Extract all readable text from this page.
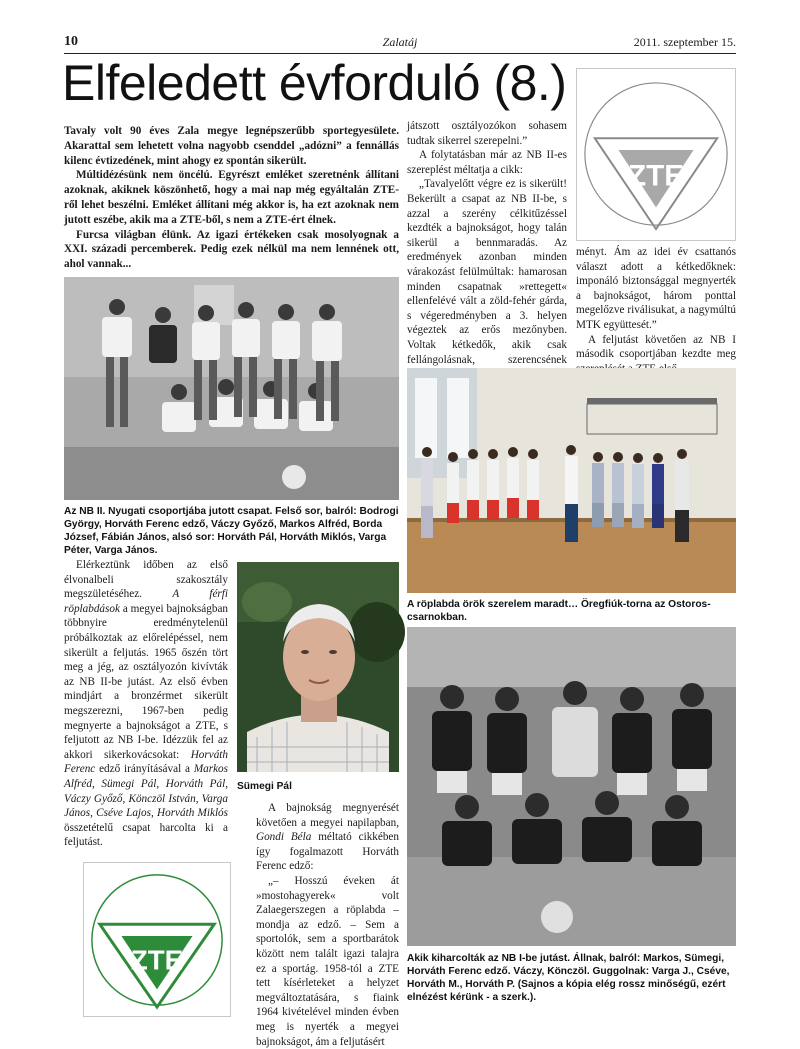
10	Zalatáj	2011. szeptember 15.
Elfeledett évforduló (8.)

Tavaly volt 90 éves Zala megye legnépszerűbb sportegyesülete. Akarattal sem lehetett volna nagyobb csenddel „adózni” a fennállás kilenc évtizedének, mint ahogy ez spontán sikerült.

Múltidézésünk nem öncélú. Egyrészt emléket szeretnénk állítani azoknak, akiknek köszönhető, hogy a mai nap még egyáltalán ZTE-ről lehet beszélni. Emléket állítani még akkor is, ha ezt azoknak nem jutott eszébe, akik ma a ZTE-ből, s nem a ZTE-ért élnek.

Furcsa világban élünk. Az igazi értékeken csak mosolyognak a XXI. századi percemberek. Pedig ezek nélkül ma nem lennének ott, ahol vannak...

játszott osztályozókon sohasem tudtak sikerrel szerepelni.”

A folytatásban már az NB II-es szereplést méltatja a cikk:

„Tavalyelőtt végre ez is sikerült! Bekerült a csapat az NB II-be, s azzal a szerény célkitűzéssel kezdték a bajnokságot, hogy talán sikerül a bennmaradás. Az eredmények azonban minden várakozást felülmúltak: hamarosan minden csapatnak »rettegett« ellenfelévé vált a zöld-fehér gárda, s végeredményben a 3. helyen végeztek az erős mezőnyben. Voltak kétkedők, akik csak fellángolásnak, szerencsének

ZTE

ményt. Ám az idei év csattanós választ adott a kétkedőknek: imponáló biztonsággal megnyerték a bajnokságot, három ponttal megelőzve riválisukat, a nagymúltú MTK együttesét.”

A feljutást követően az NB I második csoportjában kezdte meg

Az NB II. Nyugati csoportjába jutott csapat. Felső sor, balról: Bodrogi György, Horváth Ferenc edző, Váczy Győző, Markos Alfréd, Borda József, Fábián János, alsó sor: Horváth Pál, Horváth Miklós, Varga Péter, Varga János.
A röplabda örök szerelem maradt… Öregfiúk-torna az Ostoros-csarnokban.

Elérkeztünk időben az első élvonalbeli szakosztály megszületéséhez.	A férfi röplabdások a megyei bajnokságban többnyire eredménytelenül próbálkoztak az előrelépéssel, nem sikerült a feljutás. 1965 őszén tört meg a jég, az osztályozón kivívták az NB II-be jutást. Az első évben mindjárt a bronzérmet sikerült megszerezni, 1967-ben pedig megnyerte a bajnokságot a ZTE, s feljutott az NB I-be. Idézzük fel az akkori sikerkovácsokat: Horváth Ferenc edző irányításával a Markos Alfréd, Sümegi Pál, Horváth Pál, Váczy Győző, Könczöl István, Varga János, Cséve Lajos, Horváth Miklós összetételű csapat harcolta ki a feljutást.

Sümegi Pál

A bajnokság megnyerését követően a megyei napilapban, Gondi Béla méltató cikkében így fogalmazott Horváth Ferenc edző:

„– Hosszú éveken át »mostohagyerek« volt Zalaegerszegen a röplabda – mondja az edző. – Sem a sportolók, sem a sportbarátok között nem talált igazi talajra ez a sportág. 1958-tól a ZTE tett kísérleteket a helyzet megváltoztatására, s fiaink 1964 kivételével minden évben meg is nyerték a megyei bajnokságot, ám a feljutásért

ZTE	Akik kiharcolták az NB I-be jutást. Állnak, balról: Markos, Sümegi, Horváth Ferenc edző. Váczy, Könczöl. Guggolnak: Varga J., Cséve, Horváth M., Horváth P. (Sajnos a kópia elég rossz minőségű, ezért elnézést kérünk - a szerk.).
